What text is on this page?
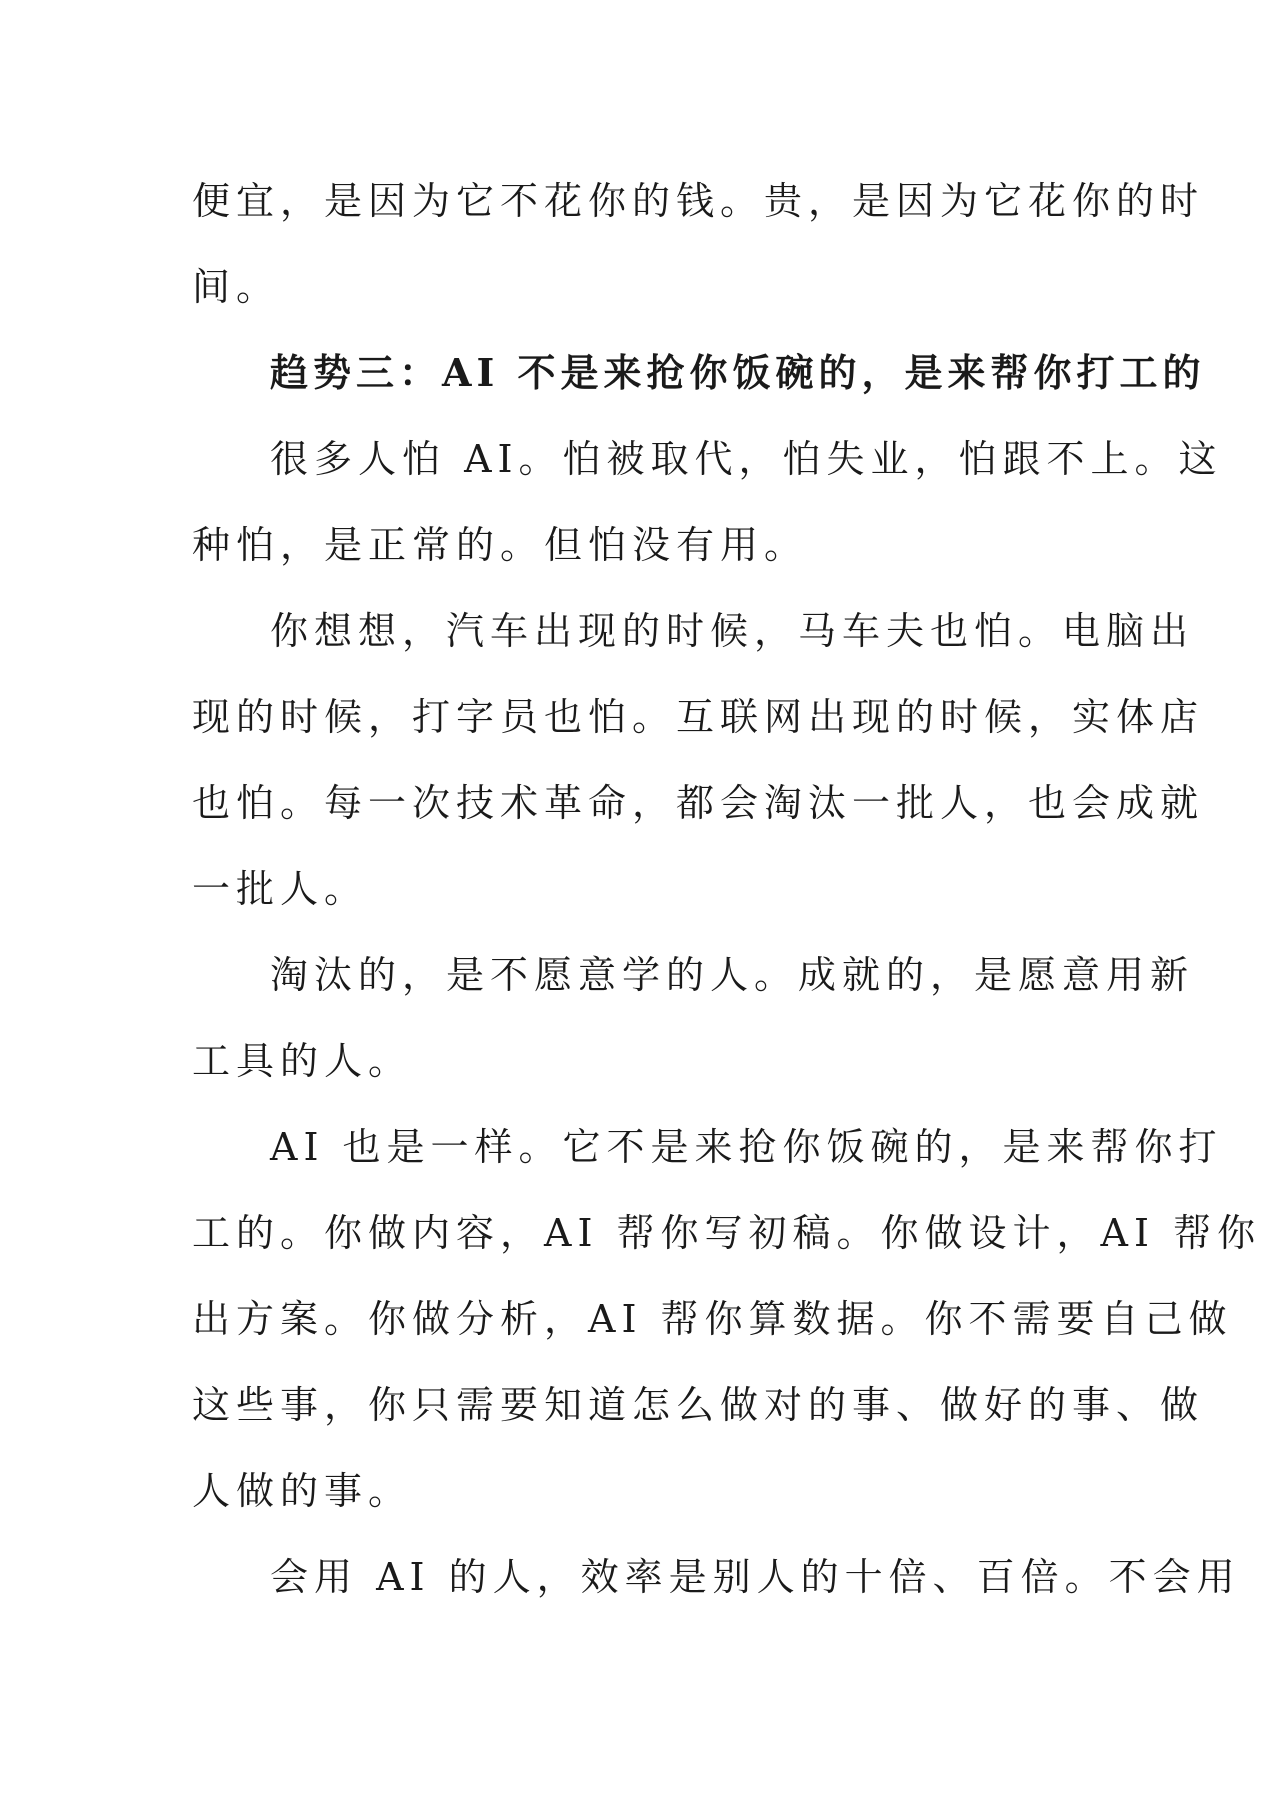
便宜，是因为它不花你的钱。贵，是因为它花你的时
间。
趋势三：AI 不是来抢你饭碗的，是来帮你打工的
很多人怕 AI。怕被取代，怕失业，怕跟不上。这
种怕，是正常的。但怕没有用。
你想想，汽车出现的时候，马车夫也怕。电脑出
现的时候，打字员也怕。互联网出现的时候，实体店
也怕。每一次技术革命，都会淘汰一批人，也会成就
一批人。
淘汰的，是不愿意学的人。成就的，是愿意用新
工具的人。
AI 也是一样。它不是来抢你饭碗的，是来帮你打
工的。你做内容，AI 帮你写初稿。你做设计，AI 帮你
出方案。你做分析，AI 帮你算数据。你不需要自己做
这些事，你只需要知道怎么做对的事、做好的事、做
人做的事。
会用 AI 的人，效率是别人的十倍、百倍。不会用
